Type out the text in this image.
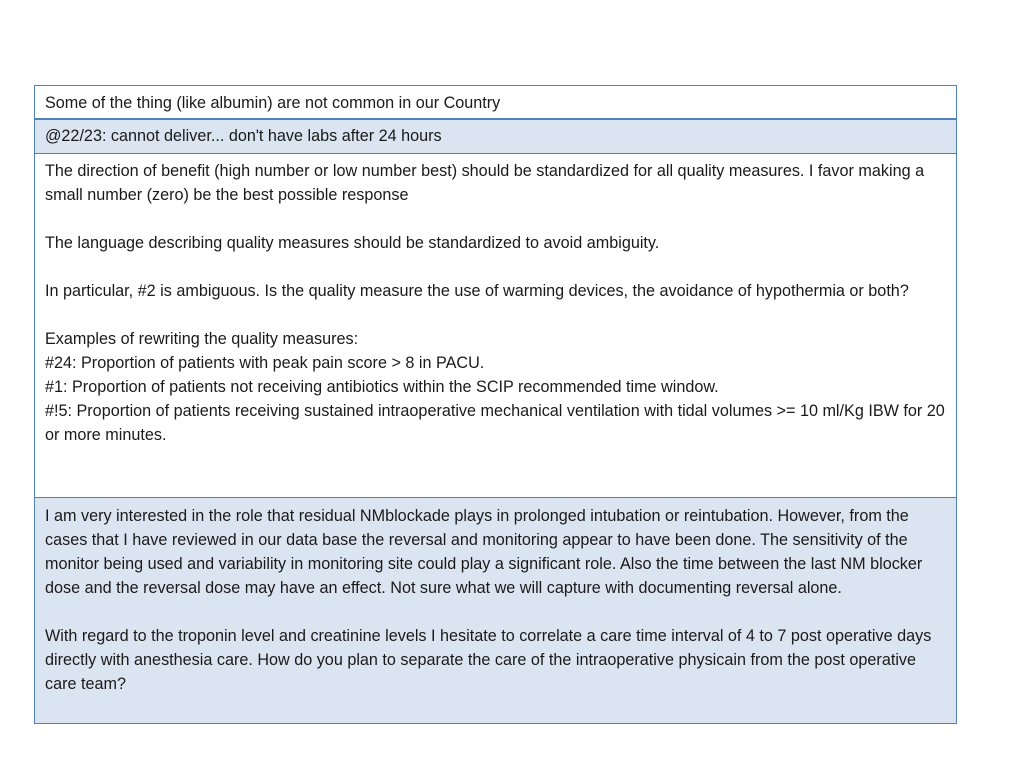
Some of the thing (like albumin) are not common in our Country

@22/23: cannot deliver... don't have labs after 24 hours

The direction of benefit (high number or low number best) should be standardized for all quality measures. I favor making a small number (zero) be the best possible response

The language describing quality measures should be standardized to avoid ambiguity.

In particular, #2 is ambiguous. Is the quality measure the use of warming devices, the avoidance of hypothermia or both?

Examples of rewriting the quality measures:

#24: Proportion of patients with peak pain score > 8 in PACU.

#1: Proportion of patients not receiving antibiotics within the SCIP recommended time window.

#!5: Proportion of patients receiving sustained intraoperative mechanical ventilation with tidal volumes >= 10 ml/Kg IBW for 20 or more minutes.

I am very interested in the role that residual NMblockade plays in prolonged intubation or reintubation. However, from the cases that I have reviewed in our data base the reversal and monitoring appear to have been done. The sensitivity of the monitor being used and variability in monitoring site could play a significant role. Also the time between the last NM blocker dose and the reversal dose may have an effect. Not sure what we will capture with documenting reversal alone.

With regard to the troponin level and creatinine levels I hesitate to correlate a care time interval of 4 to 7 post operative days directly with anesthesia care. How do you plan to separate the care of the intraoperative physicain from the post operative care team?
